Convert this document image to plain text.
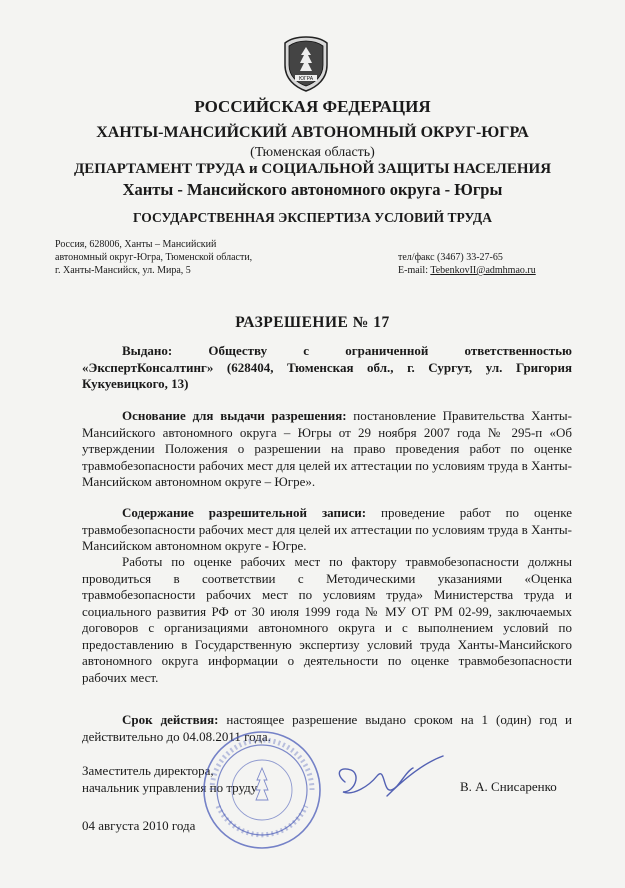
ЮГРА
РОССИЙСКАЯ ФЕДЕРАЦИЯ
ХАНТЫ-МАНСИЙСКИЙ АВТОНОМНЫЙ ОКРУГ-ЮГРА
(Тюменская область)
ДЕПАРТАМЕНТ ТРУДА и СОЦИАЛЬНОЙ ЗАЩИТЫ НАСЕЛЕНИЯ
Ханты - Мансийского автономного округа - Югры
ГОСУДАРСТВЕННАЯ ЭКСПЕРТИЗА УСЛОВИЙ ТРУДА
Россия, 628006, Ханты – Мансийский
автономный округ-Югра, Тюменской области,
г. Ханты-Мансийск, ул. Мира, 5
тел/факс (3467) 33-27-65
E-mail: TebenkovII@admhmao.ru
РАЗРЕШЕНИЕ № 17
Выдано: Обществу с ограниченной ответственностью «ЭкспертКонсалтинг» (628404, Тюменская обл., г. Сургут, ул. Григория Кукуевицкого, 13)
Основание для выдачи разрешения: постановление Правительства Ханты-Мансийского автономного округа – Югры от 29 ноября 2007 года № 295-п «Об утверждении Положения о разрешении на право проведения работ по оценке травмобезопасности рабочих мест для целей их аттестации по условиям труда в Ханты-Мансийском автономном округе – Югре».
Содержание разрешительной записи: проведение работ по оценке травмобезопасности рабочих мест для целей их аттестации по условиям труда в Ханты-Мансийском автономном округе - Югре.
Работы по оценке рабочих мест по фактору травмобезопасности должны проводиться в соответствии с Методическими указаниями «Оценка травмобезопасности рабочих мест по условиям труда» Министерства труда и социального развития РФ от 30 июля 1999 года № МУ ОТ РМ 02-99, заключаемых договоров с организациями автономного округа и с выполнением условий по предоставлению в Государственную экспертизу условий труда Ханты-Мансийского автономного округа информации о деятельности по оценке травмобезопасности рабочих мест.
Срок действия: настоящее разрешение выдано сроком на 1 (один) год и действительно до 04.08.2011 года.
Заместитель директора,
начальник управления по труду	В. А. Снисаренко
04 августа 2010 года
